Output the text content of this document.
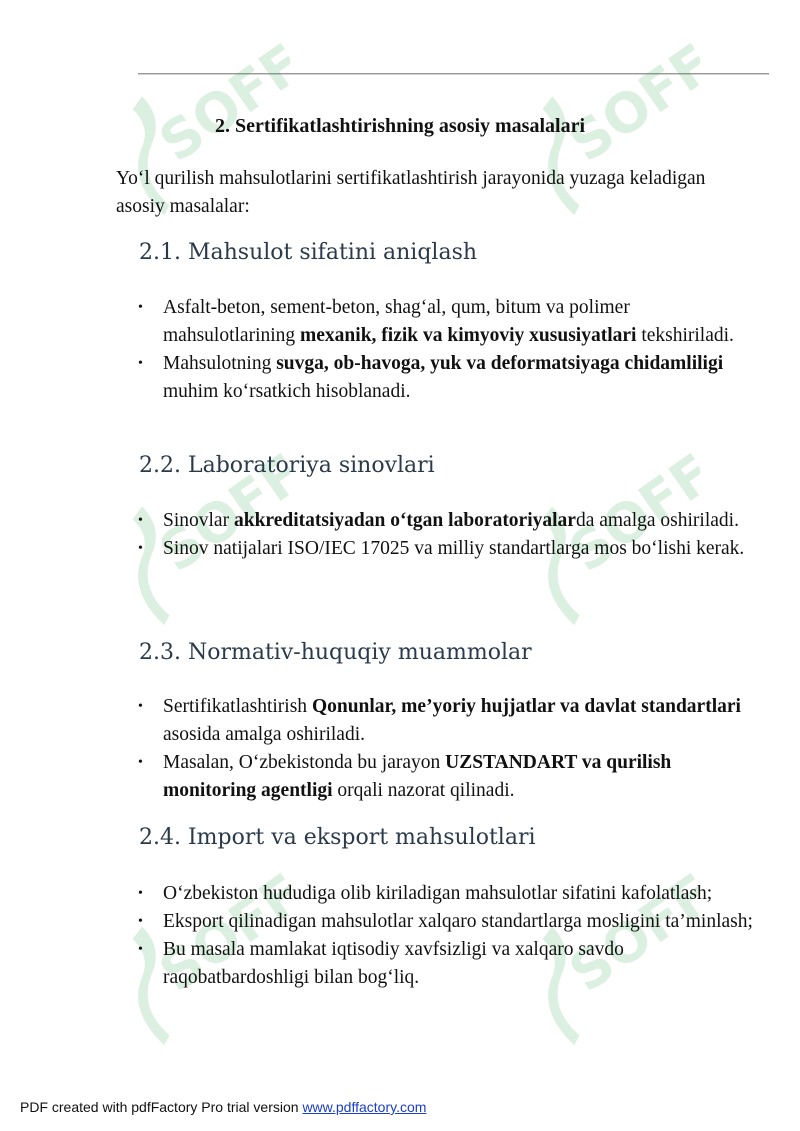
SOFF	SOFF
SOFF	SOFF
SOFF	SOFF
2. Sertifikatlashtirishning asosiy masalalari

Yo‘l qurilish mahsulotlarini sertifikatlashtirish jarayonida yuzaga keladigan asosiy masalalar:

2.1. Mahsulot sifatini aniqlash
• Asfalt-beton, sement-beton, shag‘al, qum, bitum va polimer mahsulotlarining mexanik, fizik va kimyoviy xususiyatlari tekshiriladi.
• Mahsulotning suvga, ob-havoga, yuk va deformatsiyaga chidamliligi muhim ko‘rsatkich hisoblanadi.
2.2. Laboratoriya sinovlari
• Sinovlar akkreditatsiyadan o‘tgan laboratoriyalarda amalga oshiriladi.
• Sinov natijalari ISO/IEC 17025 va milliy standartlarga mos bo‘lishi kerak.
2.3. Normativ-huquqiy muammolar
• Sertifikatlashtirish Qonunlar, me’yoriy hujjatlar va davlat standartlari asosida amalga oshiriladi.
• Masalan, O‘zbekistonda bu jarayon UZSTANDART va qurilish monitoring agentligi orqali nazorat qilinadi.
2.4. Import va eksport mahsulotlari
• O‘zbekiston hududiga olib kiriladigan mahsulotlar sifatini kafolatlash;
• Eksport qilinadigan mahsulotlar xalqaro standartlarga mosligini ta’minlash;
• Bu masala mamlakat iqtisodiy xavfsizligi va xalqaro savdo raqobatbardoshligi bilan bog‘liq.

PDF created with pdfFactory Pro trial version www.pdffactory.com
